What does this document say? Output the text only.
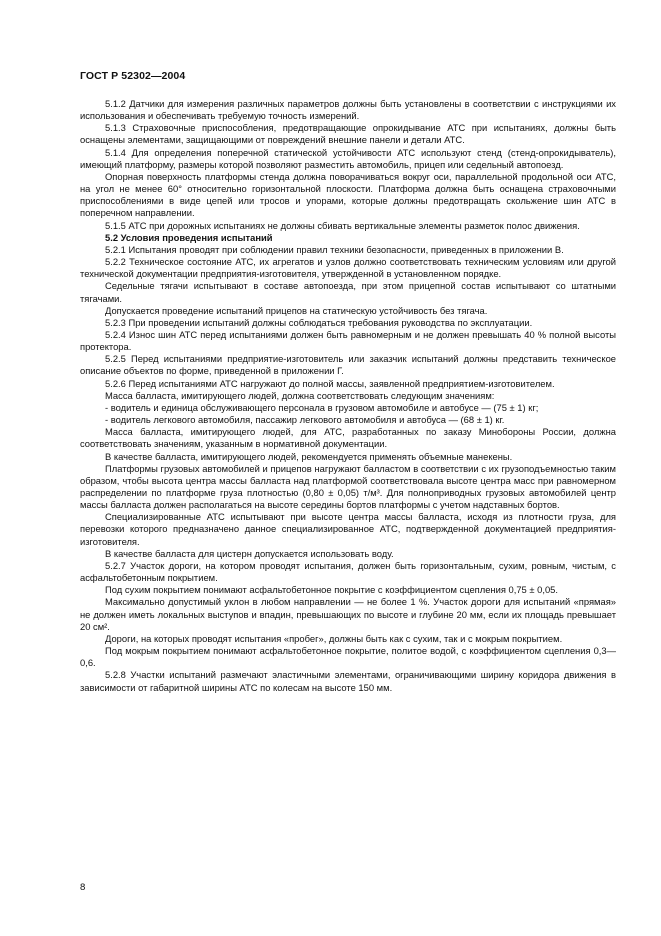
ГОСТ Р 52302—2004

5.1.2 Датчики для измерения различных параметров должны быть установлены в соответствии с инструкциями их использования и обеспечивать требуемую точность измерений.

5.1.3 Страховочные приспособления, предотвращающие опрокидывание АТС при испытаниях, должны быть оснащены элементами, защищающими от повреждений внешние панели и детали АТС.

5.1.4 Для определения поперечной статической устойчивости АТС используют стенд (стенд-опрокидыватель), имеющий платформу, размеры которой позволяют разместить автомобиль, прицеп или седельный автопоезд.

Опорная поверхность платформы стенда должна поворачиваться вокруг оси, параллельной продольной оси АТС, на угол не менее 60° относительно горизонтальной плоскости. Платформа должна быть оснащена страховочными приспособлениями в виде цепей или тросов и упорами, которые должны предотвращать скольжение шин АТС в поперечном направлении.

5.1.5 АТС при дорожных испытаниях не должны сбивать вертикальные элементы разметок полос движения.

5.2 Условия проведения испытаний

5.2.1 Испытания проводят при соблюдении правил техники безопасности, приведенных в приложении В.

5.2.2 Техническое состояние АТС, их агрегатов и узлов должно соответствовать техническим условиям или другой технической документации предприятия-изготовителя, утвержденной в установленном порядке.

Седельные тягачи испытывают в составе автопоезда, при этом прицепной состав испытывают со штатными тягачами.

Допускается проведение испытаний прицепов на статическую устойчивость без тягача.

5.2.3 При проведении испытаний должны соблюдаться требования руководства по эксплуатации.

5.2.4 Износ шин АТС перед испытаниями должен быть равномерным и не должен превышать 40 % полной высоты протектора.

5.2.5 Перед испытаниями предприятие-изготовитель или заказчик испытаний должны представить техническое описание объектов по форме, приведенной в приложении Г.

5.2.6 Перед испытаниями АТС нагружают до полной массы, заявленной предприятием-изготовителем.

Масса балласта, имитирующего людей, должна соответствовать следующим значениям:

- водитель и единица обслуживающего персонала в грузовом автомобиле и автобусе — (75 ± 1) кг;

- водитель легкового автомобиля, пассажир легкового автомобиля и автобуса — (68 ± 1) кг.

Масса балласта, имитирующего людей, для АТС, разработанных по заказу Минобороны России, должна соответствовать значениям, указанным в нормативной документации.

В качестве балласта, имитирующего людей, рекомендуется применять объемные манекены.

Платформы грузовых автомобилей и прицепов нагружают балластом в соответствии с их грузоподъемностью таким образом, чтобы высота центра массы балласта над платформой соответствовала высоте центра масс при равномерном распределении по платформе груза плотностью (0,80 ± 0,05) т/м³. Для полноприводных грузовых автомобилей центр массы балласта должен располагаться на высоте середины бортов платформы с учетом надставных бортов.

Специализированные АТС испытывают при высоте центра массы балласта, исходя из плотности груза, для перевозки которого предназначено данное специализированное АТС, подтвержденной документацией предприятия-изготовителя.

В качестве балласта для цистерн допускается использовать воду.

5.2.7 Участок дороги, на котором проводят испытания, должен быть горизонтальным, сухим, ровным, чистым, с асфальтобетонным покрытием.

Под сухим покрытием понимают асфальтобетонное покрытие с коэффициентом сцепления 0,75 ± 0,05.

Максимально допустимый уклон в любом направлении — не более 1 %. Участок дороги для испытаний «прямая» не должен иметь локальных выступов и впадин, превышающих по высоте и глубине 20 мм, если их площадь превышает 20 см².

Дороги, на которых проводят испытания «пробег», должны быть как с сухим, так и с мокрым покрытием.

Под мокрым покрытием понимают асфальтобетонное покрытие, политое водой, с коэффициентом сцепления 0,3—0,6.

5.2.8 Участки испытаний размечают эластичными элементами, ограничивающими ширину коридора движения в зависимости от габаритной ширины АТС по колесам на высоте 150 мм.

8
